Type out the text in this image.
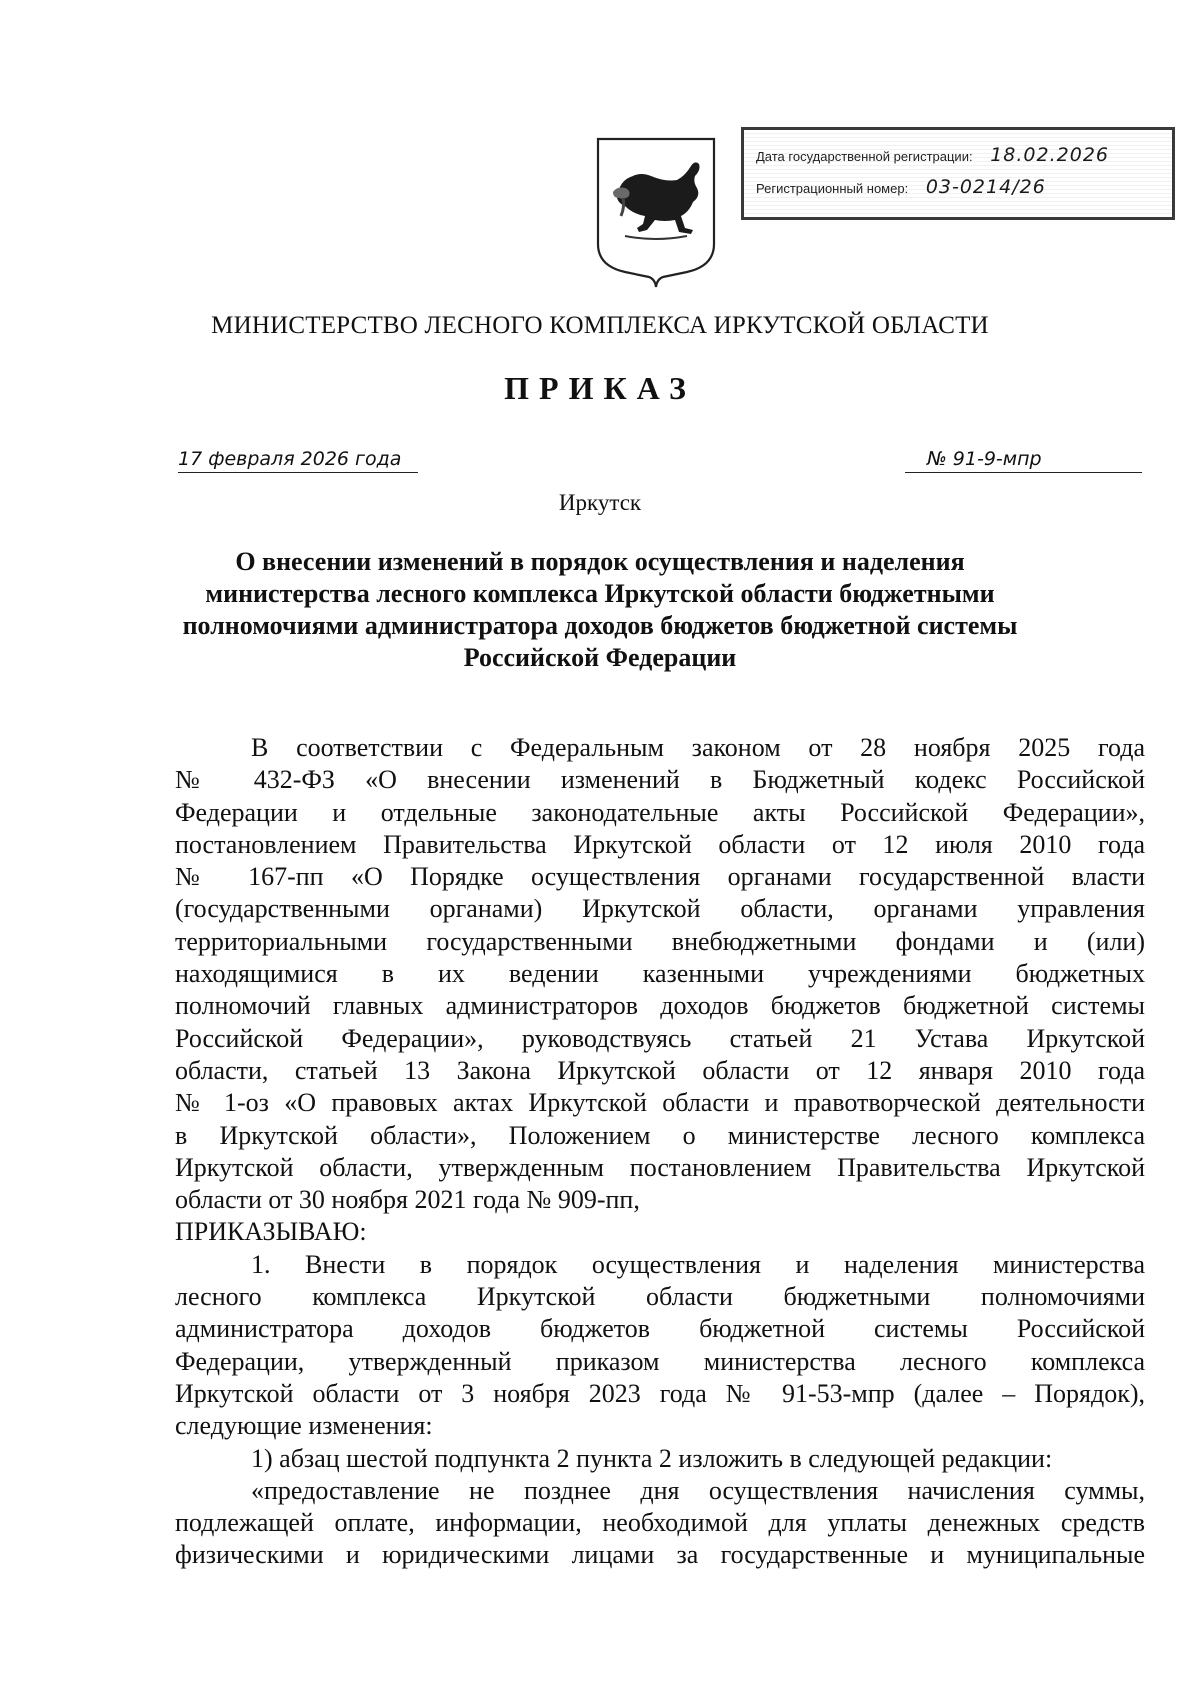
Дата государственной регистрации: 18.02.2026
Регистрационный номер: 03-0214/26
МИНИСТЕРСТВО ЛЕСНОГО КОМПЛЕКСА ИРКУТСКОЙ ОБЛАСТИ
ПРИКАЗ
17 февраля 2026 года	№ 91-9-мпр
Иркутск
О внесении изменений в порядок осуществления и наделения
министерства лесного комплекса Иркутской области бюджетными
полномочиями администратора доходов бюджетов бюджетной системы
Российской Федерации
В соответствии с Федеральным законом от 28 ноября 2025 года
№ 432-ФЗ «О внесении изменений в Бюджетный кодекс Российской
Федерации и отдельные законодательные акты Российской Федерации»,
постановлением Правительства Иркутской области от 12 июля 2010 года
№ 167-пп «О Порядке осуществления органами государственной власти
(государственными органами) Иркутской области, органами управления
территориальными государственными внебюджетными фондами и (или)
находящимися в их ведении казенными учреждениями бюджетных
полномочий главных администраторов доходов бюджетов бюджетной системы
Российской Федерации», руководствуясь статьей 21 Устава Иркутской
области, статьей 13 Закона Иркутской области от 12 января 2010 года
№ 1-оз «О правовых актах Иркутской области и правотворческой деятельности
в Иркутской области», Положением о министерстве лесного комплекса
Иркутской области, утвержденным постановлением Правительства Иркутской
области от 30 ноября 2021 года № 909-пп,
ПРИКАЗЫВАЮ:
1. Внести в порядок осуществления и наделения министерства
лесного комплекса Иркутской области бюджетными полномочиями
администратора доходов бюджетов бюджетной системы Российской
Федерации, утвержденный приказом министерства лесного комплекса
Иркутской области от 3 ноября 2023 года № 91-53-мпр (далее – Порядок),
следующие изменения:
1) абзац шестой подпункта 2 пункта 2 изложить в следующей редакции:
«предоставление не позднее дня осуществления начисления суммы,
подлежащей оплате, информации, необходимой для уплаты денежных средств
физическими и юридическими лицами за государственные и муниципальные
